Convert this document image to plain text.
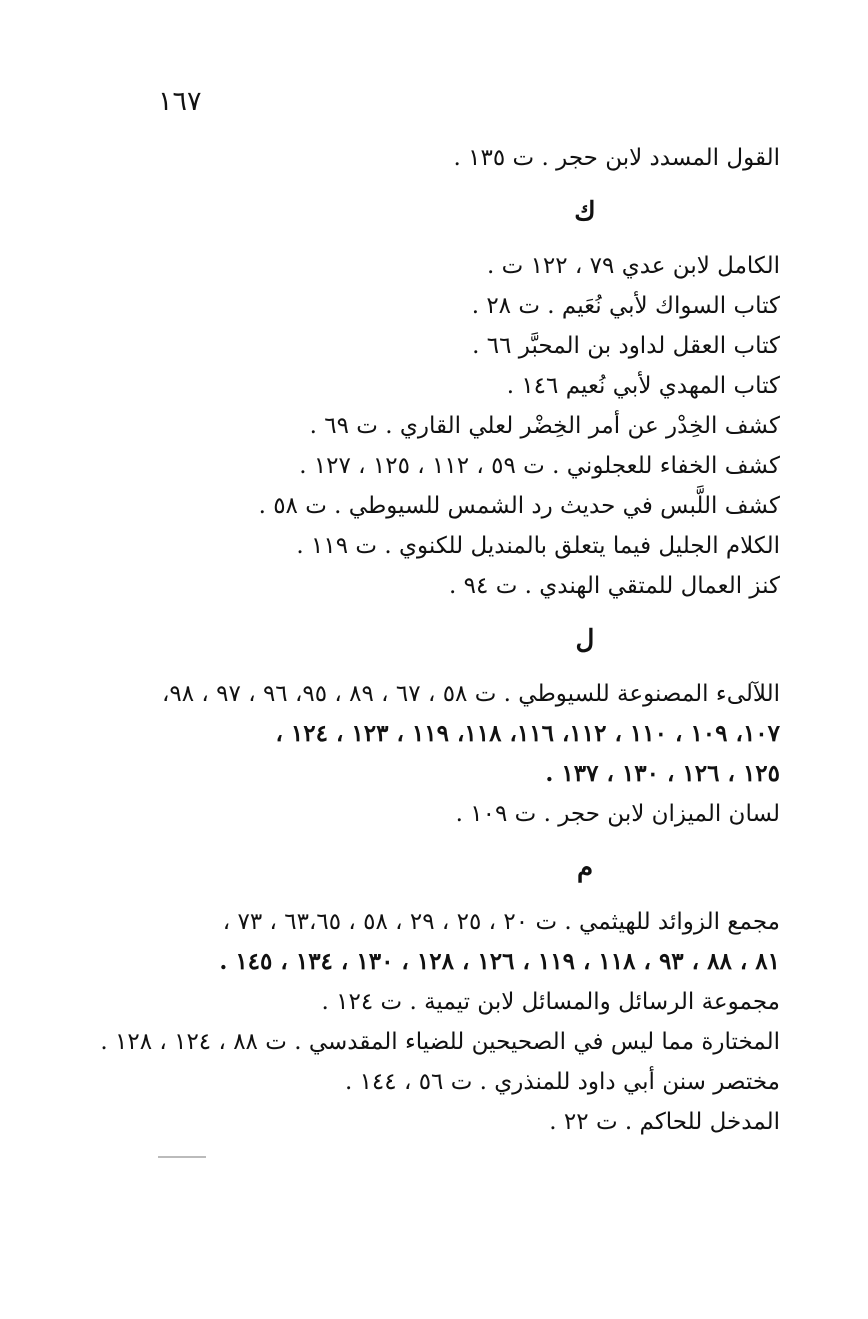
١٦٧

القول المسدد لابن حجر . ت ١٣٥ .

ك

الكامل لابن عدي ٧٩ ، ١٢٢ ت .

كتاب السواك لأبي نُعَيم . ت ٢٨ .

كتاب العقل لداود بن المحبَّر ٦٦ .

كتاب المهدي لأبي نُعيم ١٤٦ .

كشف الخِدْر عن أمر الخِضْر لعلي القاري . ت ٦٩ .

كشف الخفاء للعجلوني . ت ٥٩ ، ١١٢ ، ١٢٥ ، ١٢٧ .

كشف اللَّبس في حديث رد الشمس للسيوطي . ت ٥٨ .

الكلام الجليل فيما يتعلق بالمنديل للكنوي . ت ١١٩ .

كنز العمال للمتقي الهندي . ت ٩٤ .

ل

اللآلىء المصنوعة للسيوطي . ت ٥٨ ، ٦٧ ، ٨٩ ، ٩٥، ٩٦ ، ٩٧ ، ٩٨،

١٠٧، ١٠٩ ، ١١٠ ، ١١٢، ١١٦، ١١٨، ١١٩ ، ١٢٣ ، ١٢٤ ،

١٢٥ ، ١٢٦ ، ١٣٠ ، ١٣٧ .

لسان الميزان لابن حجر . ت ١٠٩ .

م

مجمع الزوائد للهيثمي . ت ٢٠ ، ٢٥ ، ٢٩ ، ٥٨ ، ٦٣،٦٥ ، ٧٣ ،

٨١ ، ٨٨ ، ٩٣ ، ١١٨ ، ١١٩ ، ١٢٦ ، ١٢٨ ، ١٣٠ ، ١٣٤ ، ١٤٥ .

مجموعة الرسائل والمسائل لابن تيمية . ت ١٢٤ .

المختارة مما ليس في الصحيحين للضياء المقدسي . ت ٨٨ ، ١٢٤ ، ١٢٨ .

مختصر سنن أبي داود للمنذري . ت ٥٦ ، ١٤٤ .

المدخل للحاكم . ت ٢٢ .
